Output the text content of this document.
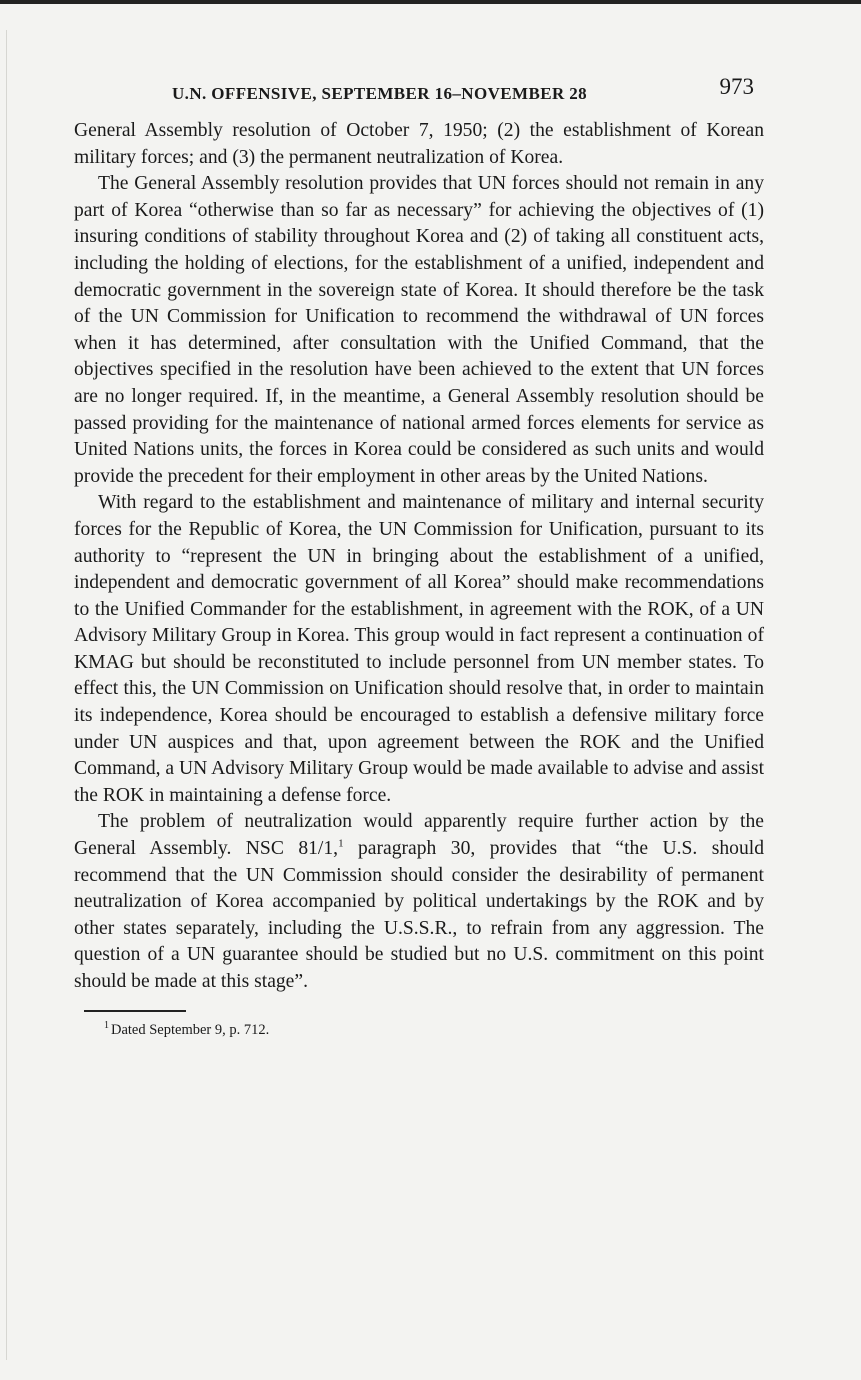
U.N. OFFENSIVE, SEPTEMBER 16–NOVEMBER 28	973

General Assembly resolution of October 7, 1950; (2) the establishment of Korean military forces; and (3) the permanent neutralization of Korea.

The General Assembly resolution provides that UN forces should not remain in any part of Korea “otherwise than so far as necessary” for achieving the objectives of (1) insuring conditions of stability throughout Korea and (2) of taking all constituent acts, including the holding of elections, for the establishment of a unified, independent and democratic government in the sovereign state of Korea. It should therefore be the task of the UN Commission for Unification to recommend the withdrawal of UN forces when it has determined, after consultation with the Unified Command, that the objectives specified in the resolution have been achieved to the extent that UN forces are no longer required. If, in the meantime, a General Assembly resolution should be passed providing for the maintenance of national armed forces elements for service as United Nations units, the forces in Korea could be considered as such units and would provide the precedent for their employment in other areas by the United Nations.

With regard to the establishment and maintenance of military and internal security forces for the Republic of Korea, the UN Commission for Unification, pursuant to its authority to “represent the UN in bringing about the establishment of a unified, independent and democratic government of all Korea” should make recommendations to the Unified Commander for the establishment, in agreement with the ROK, of a UN Advisory Military Group in Korea. This group would in fact represent a continuation of KMAG but should be reconstituted to include personnel from UN member states. To effect this, the UN Commission on Unification should resolve that, in order to maintain its independence, Korea should be encouraged to establish a defensive military force under UN auspices and that, upon agreement between the ROK and the Unified Command, a UN Advisory Military Group would be made available to advise and assist the ROK in maintaining a defense force.

The problem of neutralization would apparently require further action by the General Assembly. NSC 81/1,$^1$ paragraph 30, provides that “the U.S. should recommend that the UN Commission should consider the desirability of permanent neutralization of Korea accompanied by political undertakings by the ROK and by other states separately, including the U.S.S.R., to refrain from any aggression. The question of a UN guarantee should be studied but no U.S. commitment on this point should be made at this stage”.

$^1$ Dated September 9, p. 712.
